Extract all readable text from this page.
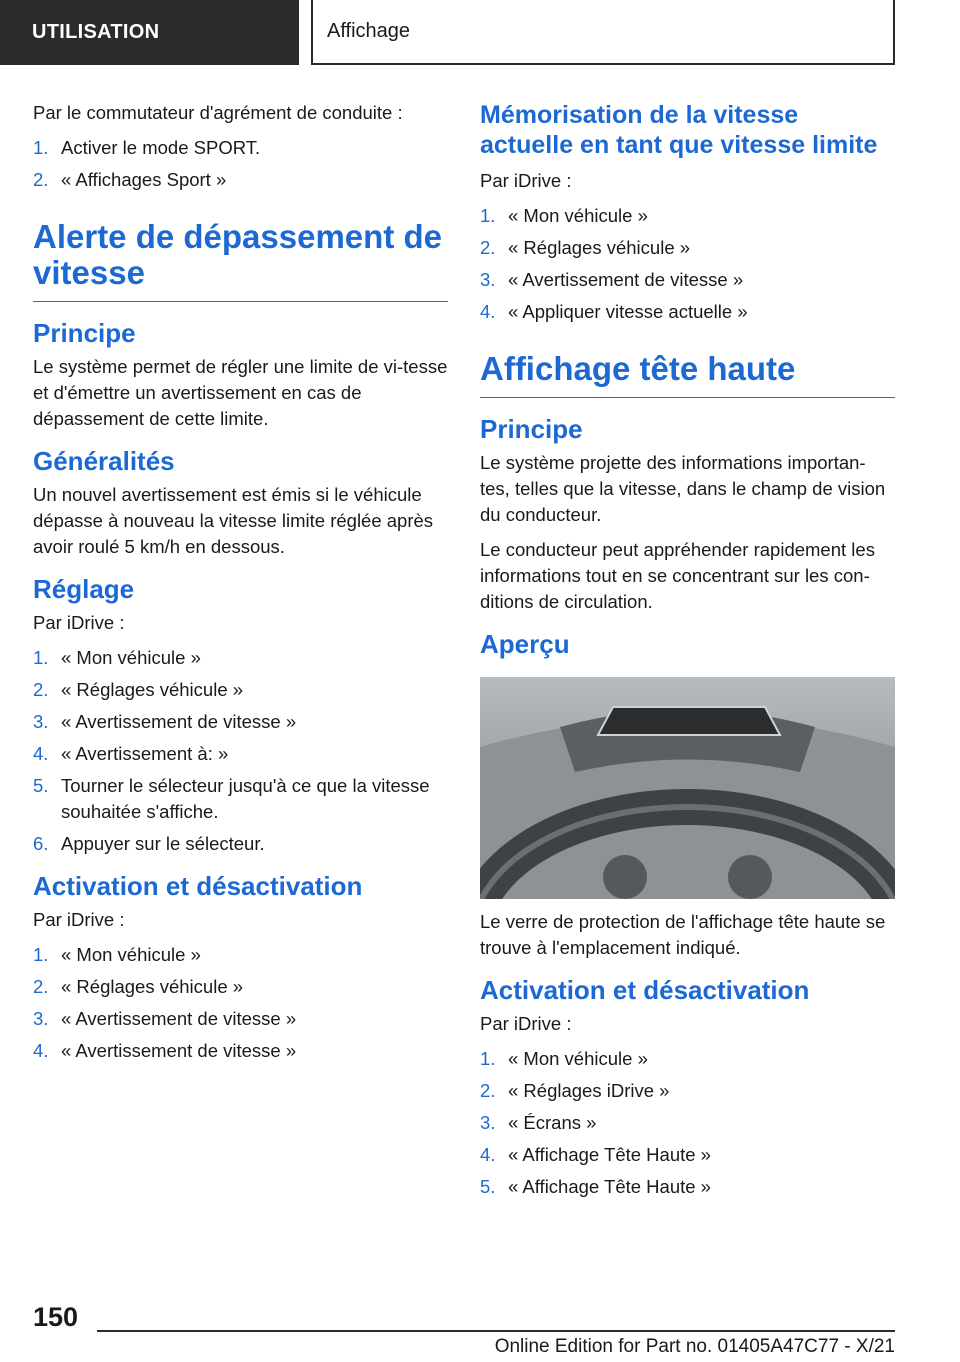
UTILISATION	Affichage

Par le commutateur d'agrément de conduite :

1. Activer le mode SPORT.
2. « Affichages Sport »
Alerte de dépassement de vitesse
Principe

Le système permet de régler une limite de vi-tesse et d'émettre un avertissement en cas de dépassement de cette limite.

Généralités

Un nouvel avertissement est émis si le véhicule dépasse à nouveau la vitesse limite réglée après avoir roulé 5 km/h en dessous.

Réglage

Par iDrive :

1. « Mon véhicule »
2. « Réglages véhicule »
3. « Avertissement de vitesse »
4. « Avertissement à: »
5. Tourner le sélecteur jusqu'à ce que la vitesse souhaitée s'affiche.
6. Appuyer sur le sélecteur.
Activation et désactivation

Par iDrive :

1. « Mon véhicule »
2. « Réglages véhicule »
3. « Avertissement de vitesse »
4. « Avertissement de vitesse »
Mémorisation de la vitesse actuelle en tant que vitesse limite

Par iDrive :

1. « Mon véhicule »
2. « Réglages véhicule »
3. « Avertissement de vitesse »
4. « Appliquer vitesse actuelle »
Affichage tête haute
Principe

Le système projette des informations importan-tes, telles que la vitesse, dans le champ de vision du conducteur.

Le conducteur peut appréhender rapidement les informations tout en se concentrant sur les con-ditions de circulation.

Aperçu

Le verre de protection de l'affichage tête haute se trouve à l'emplacement indiqué.

Activation et désactivation

Par iDrive :

1. « Mon véhicule »
2. « Réglages iDrive »
3. « Écrans »
4. « Affichage Tête Haute »
5. « Affichage Tête Haute »
150
Online Edition for Part no. 01405A47C77 - X/21
